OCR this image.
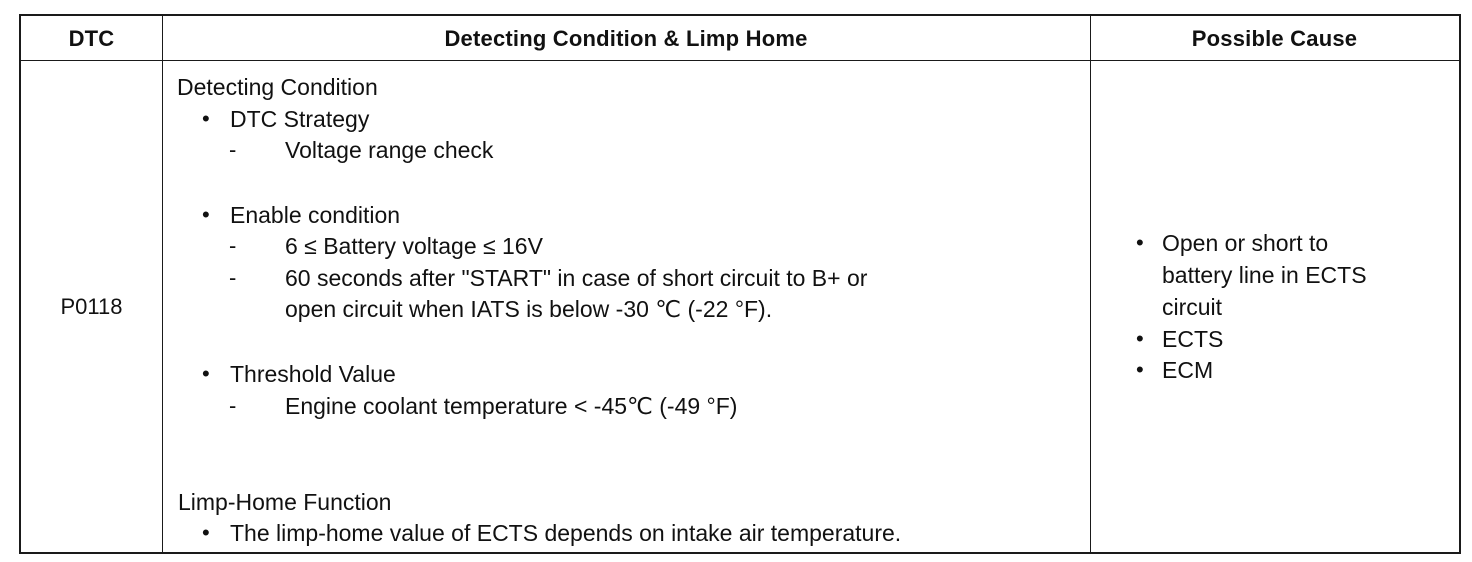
DTC	Detecting Condition & Limp Home	Possible Cause
P0118
Detecting Condition
• DTC Strategy
- Voltage range check
• Enable condition
- 6 ≤ Battery voltage ≤ 16V
- 60 seconds after "START" in case of short circuit to B+ or
open circuit when IATS is below -30 ℃ (-22 °F).
• Threshold Value
- Engine coolant temperature < -45℃ (-49 °F)
Limp-Home Function
• The limp-home value of ECTS depends on intake air temperature.
• Open or short to
battery line in ECTS
circuit
• ECTS
• ECM
